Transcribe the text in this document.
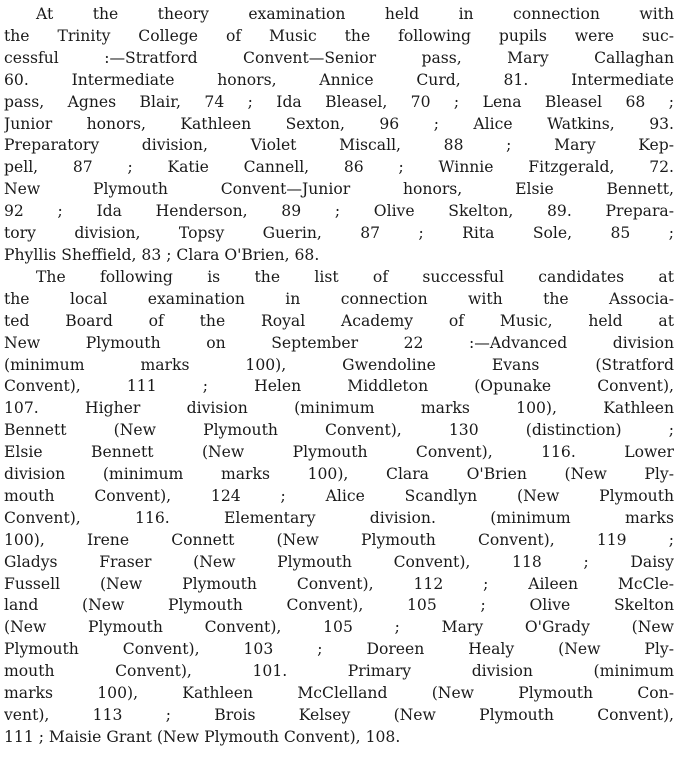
At the theory examination held in connection with
the Trinity College of Music the following pupils were suc-
cessful :—Stratford Convent—Senior pass, Mary Callaghan
60. Intermediate honors, Annice Curd, 81. Intermediate
pass, Agnes Blair, 74 ; Ida Bleasel, 70 ; Lena Bleasel 68 ;
Junior honors, Kathleen Sexton, 96 ; Alice Watkins, 93.
Preparatory division, Violet Miscall, 88 ; Mary Kep-
pell, 87 ; Katie Cannell, 86 ; Winnie Fitzgerald, 72.
New Plymouth Convent—Junior honors, Elsie Bennett,
92 ; Ida Henderson, 89 ; Olive Skelton, 89. Prepara-
tory division, Topsy Guerin, 87 ; Rita Sole, 85 ;
Phyllis Sheffield, 83 ; Clara O'Brien, 68.

The following is the list of successful candidates at
the local examination in connection with the Associa-
ted Board of the Royal Academy of Music, held at
New Plymouth on September 22 :—Advanced division
(minimum marks 100), Gwendoline Evans (Stratford
Convent), 111 ; Helen Middleton (Opunake Convent),
107. Higher division (minimum marks 100), Kathleen
Bennett (New Plymouth Convent), 130 (distinction) ;
Elsie Bennett (New Plymouth Convent), 116. Lower
division (minimum marks 100), Clara O'Brien (New Ply-
mouth Convent), 124 ; Alice Scandlyn (New Plymouth
Convent), 116. Elementary division. (minimum marks
100), Irene Connett (New Plymouth Convent), 119 ;
Gladys Fraser (New Plymouth Convent), 118 ; Daisy
Fussell (New Plymouth Convent), 112 ; Aileen McCle-
land (New Plymouth Convent), 105 ; Olive Skelton
(New Plymouth Convent), 105 ; Mary O'Grady (New
Plymouth Convent), 103 ; Doreen Healy (New Ply-
mouth Convent), 101. Primary division (minimum
marks 100), Kathleen McClelland (New Plymouth Con-
vent), 113 ; Brois Kelsey (New Plymouth Convent),
111 ; Maisie Grant (New Plymouth Convent), 108.
